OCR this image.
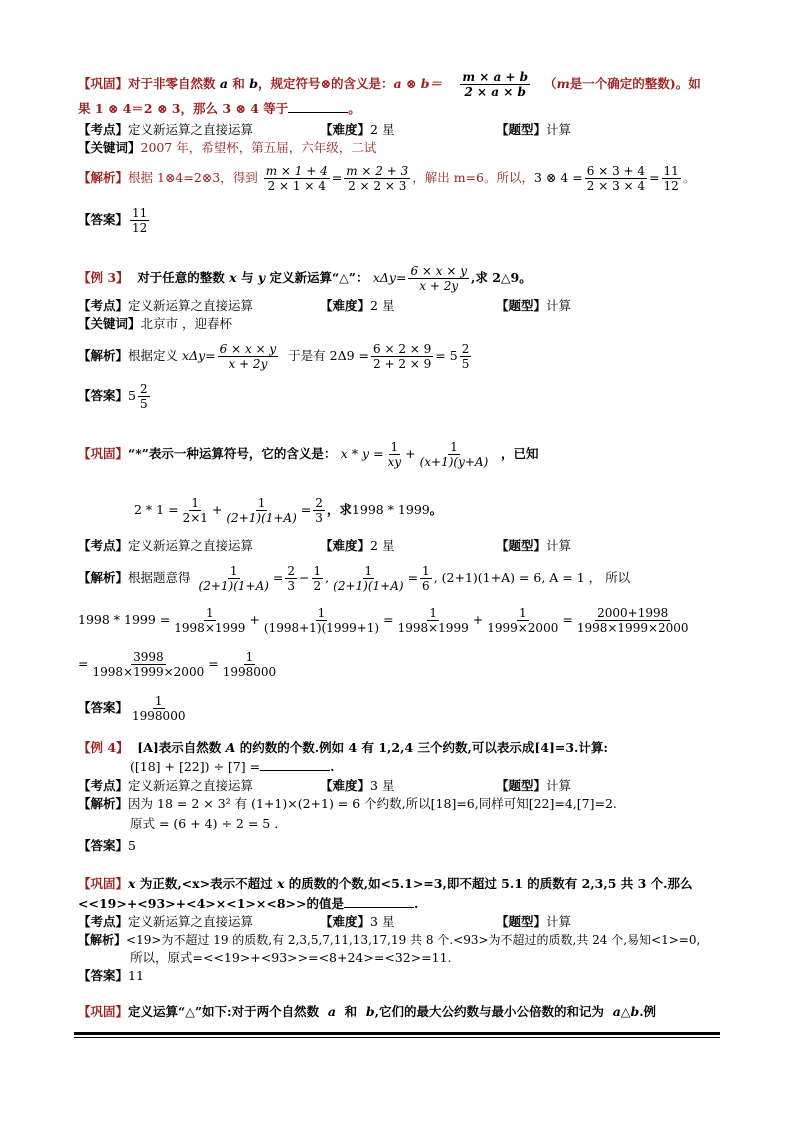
【巩固】对于非零自然数 a 和 b，规定符号⊗的含义是：a ⊗ $b= \frac{m \times a + b}{2 \times a \times b} (m$是一个确定的整数)。如
果 1 ⊗ 4＝2 ⊗ 3，那么 3 ⊗ 4 等于	。
【考点】定义新运算之直接运算	【难度】2 星	【题型】计算
【关键词】2007 年，希望杯，第五届，六年级，二试
【解析】根据 1⊗4=2⊗3，得到 $\frac{m \times 1 + 4}{2 \times 1 \times 4} = \frac{m \times 2 + 3}{2 \times 2 \times 3}$ ，解出 m=6。所以，3 ⊗ $4 = \frac{6 \times 3 + 4}{2 \times 3 \times 4} = \frac{11}{12}$ 。
【答案】 $\frac{11}{12}$
【例 3】 对于任意的整数 x 与 y 定义新运算“△”： $x\Delta y= \frac{6 \times x \times y}{x + 2y}$ ,求 2△9。
【考点】定义新运算之直接运算	【难度】2 星	【题型】计算
【关键词】北京市 ，迎春杯
【解析】根据定义 $x\Delta y= \frac{6 \times x \times y}{x + 2y}$ 于是有 $2\Delta 9 = \frac{6 \times 2 \times 9}{2 + 2 \times 9} = 5 \frac{2}{5}$
【答案】$5 \frac{2}{5}$
【巩固】“*”表示一种运算符号，它的含义是： $x * y = \frac{1}{xy} + \frac{1}{(x+1)(y+A)}$ ，已知
$2 * 1 = \frac{1}{2\times 1} + \frac{1}{(2+1)(1+A)} = \frac{2}{3}$ ，求1998 * 1999。
【考点】定义新运算之直接运算	【难度】2 星	【题型】计算
【解析】根据题意得 $\frac{1}{(2+1)(1+A)} = \frac{2}{3} - \frac{1}{2}$ , $\frac{1}{(2+1)(1+A)} = \frac{1}{6}$ , (2+1)(1+A) = 6, A = 1 ， 所以
$1998 * 1999 = \frac{1}{1998\times 1999} + \frac{1}{(1998+1)(1999+1)} = \frac{1}{1998\times 1999} + \frac{1}{1999\times 2000} = \frac{2000+1998}{1998\times 1999\times 2000}$
= $\frac{3998}{1998\times 1999\times 2000} = \frac{1}{1998000}$
【答案】 $\frac{1}{1998000}$
【例 4】 [A]表示自然数 A 的约数的个数.例如 4 有 1,2,4 三个约数,可以表示成[4]=3.计算:
([18] + [22]) ÷ [7] =	.
【考点】定义新运算之直接运算	【难度】3 星	【题型】计算
【解析】因为 18 = 2 × 3² 有 (1+1)×(2+1) = 6 个约数,所以[18]=6,同样可知[22]=4,[7]=2.
原式 = (6 + 4) ÷ 2 = 5 .
【答案】5
【巩固】x 为正数,<x>表示不超过 x 的质数的个数,如<5.1>=3,即不超过 5.1 的质数有 2,3,5 共 3 个.那么
<<19>+<93>+<4>×<1>×<8>>的值是	.
【考点】定义新运算之直接运算	【难度】3 星	【题型】计算
【解析】<19>为不超过 19 的质数,有 2,3,5,7,11,13,17,19 共 8 个.<93>为不超过的质数,共 24 个,易知<1>=0,
所以，原式=<<19>+<93>>=<8+24>=<32>=11.
【答案】11
【巩固】定义运算“△”如下:对于两个自然数 a 和 b,它们的最大公约数与最小公倍数的和记为 a△b.例
